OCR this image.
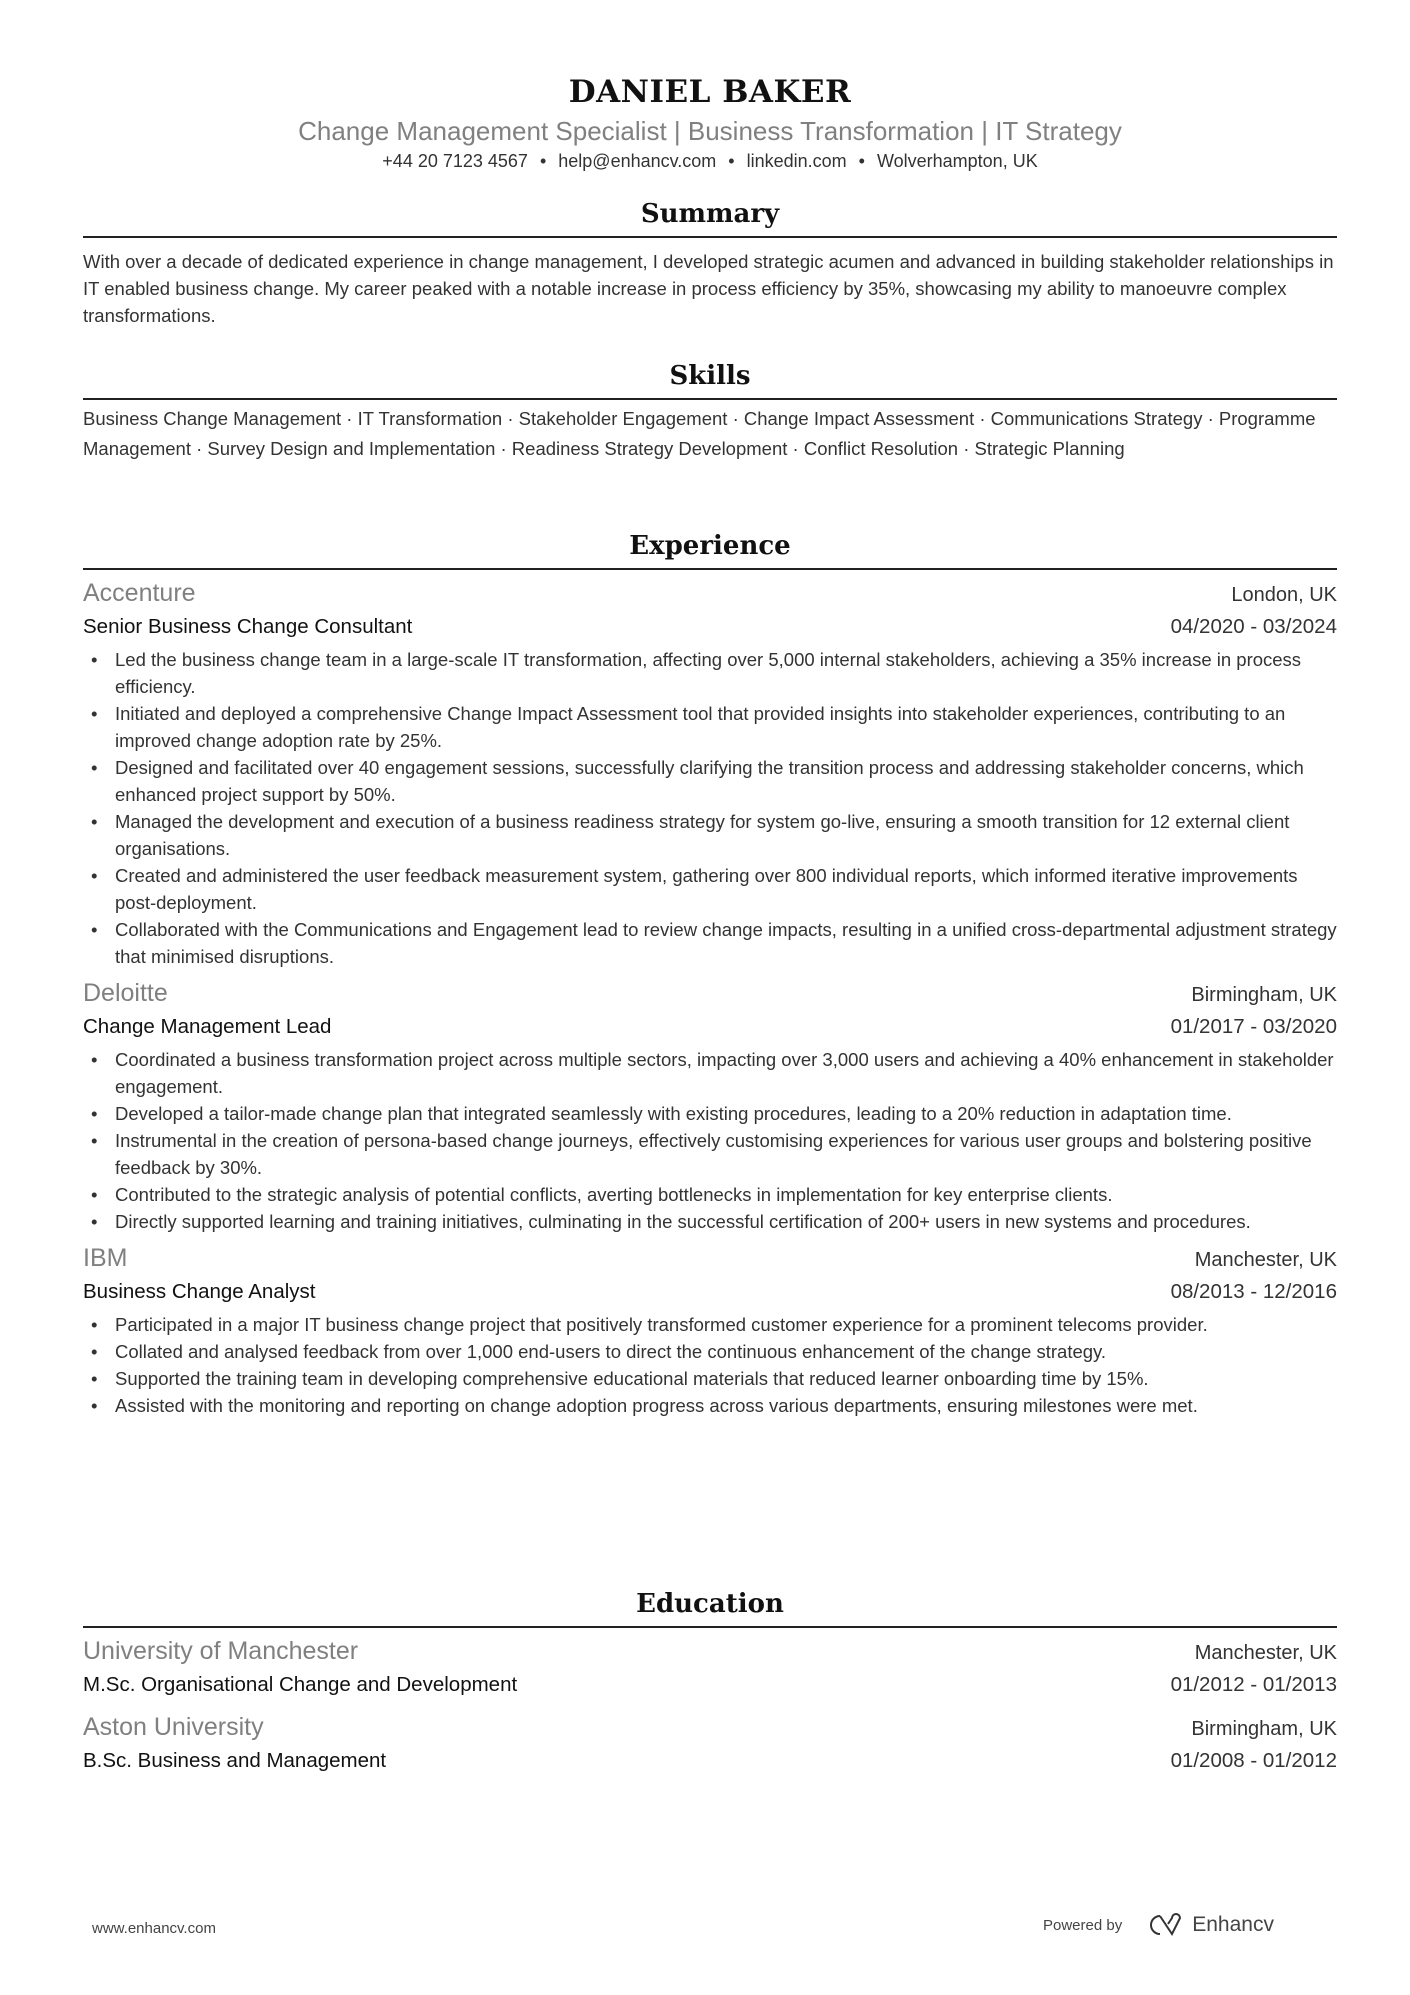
DANIEL BAKER
Change Management Specialist | Business Transformation | IT Strategy
+44 20 7123 4567 • help@enhancv.com • linkedin.com • Wolverhampton, UK
Summary
With over a decade of dedicated experience in change management, I developed strategic acumen and advanced in building stakeholder relationships in IT enabled business change. My career peaked with a notable increase in process efficiency by 35%, showcasing my ability to manoeuvre complex transformations.
Skills
Business Change Management · IT Transformation · Stakeholder Engagement · Change Impact Assessment · Communications Strategy · Programme Management · Survey Design and Implementation · Readiness Strategy Development · Conflict Resolution · Strategic Planning
Experience
Accenture	London, UK
Senior Business Change Consultant	04/2020 - 03/2024
• Led the business change team in a large-scale IT transformation, affecting over 5,000 internal stakeholders, achieving a 35% increase in process efficiency.
• Initiated and deployed a comprehensive Change Impact Assessment tool that provided insights into stakeholder experiences, contributing to an improved change adoption rate by 25%.
• Designed and facilitated over 40 engagement sessions, successfully clarifying the transition process and addressing stakeholder concerns, which enhanced project support by 50%.
• Managed the development and execution of a business readiness strategy for system go-live, ensuring a smooth transition for 12 external client organisations.
• Created and administered the user feedback measurement system, gathering over 800 individual reports, which informed iterative improvements post-deployment.
• Collaborated with the Communications and Engagement lead to review change impacts, resulting in a unified cross-departmental adjustment strategy that minimised disruptions.
Deloitte	Birmingham, UK
Change Management Lead	01/2017 - 03/2020
• Coordinated a business transformation project across multiple sectors, impacting over 3,000 users and achieving a 40% enhancement in stakeholder engagement.
• Developed a tailor-made change plan that integrated seamlessly with existing procedures, leading to a 20% reduction in adaptation time.
• Instrumental in the creation of persona-based change journeys, effectively customising experiences for various user groups and bolstering positive feedback by 30%.
• Contributed to the strategic analysis of potential conflicts, averting bottlenecks in implementation for key enterprise clients.
• Directly supported learning and training initiatives, culminating in the successful certification of 200+ users in new systems and procedures.
IBM	Manchester, UK
Business Change Analyst	08/2013 - 12/2016
• Participated in a major IT business change project that positively transformed customer experience for a prominent telecoms provider.
• Collated and analysed feedback from over 1,000 end-users to direct the continuous enhancement of the change strategy.
• Supported the training team in developing comprehensive educational materials that reduced learner onboarding time by 15%.
• Assisted with the monitoring and reporting on change adoption progress across various departments, ensuring milestones were met.
Education
University of Manchester	Manchester, UK
M.Sc. Organisational Change and Development	01/2012 - 01/2013
Aston University	Birmingham, UK
B.Sc. Business and Management	01/2008 - 01/2012
www.enhancv.com	Powered by	Enhancv
